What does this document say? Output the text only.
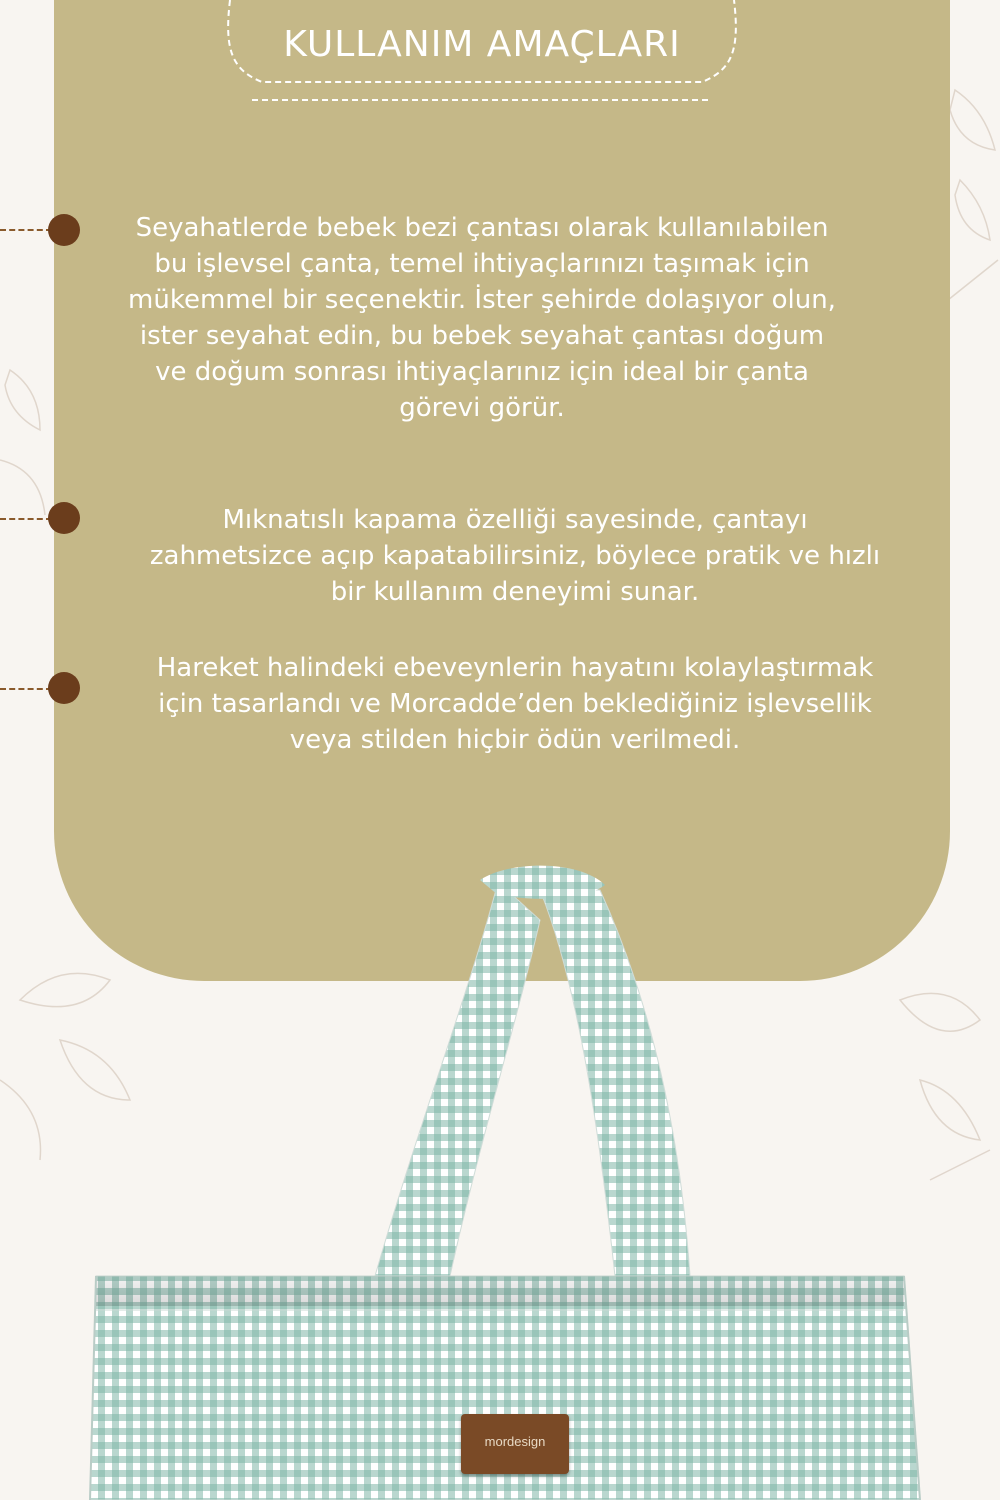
KULLANIM AMAÇLARI

Seyahatlerde bebek bezi çantası olarak kullanılabilen
bu işlevsel çanta, temel ihtiyaçlarınızı taşımak için
mükemmel bir seçenektir. İster şehirde dolaşıyor olun,
ister seyahat edin, bu bebek seyahat çantası doğum
ve doğum sonrası ihtiyaçlarınız için ideal bir çanta
görevi görür.

Mıknatıslı kapama özelliği sayesinde, çantayı
zahmetsizce açıp kapatabilirsiniz, böylece pratik ve hızlı
bir kullanım deneyimi sunar.

Hareket halindeki ebeveynlerin hayatını kolaylaştırmak
için tasarlandı ve Morcadde’den beklediğiniz işlevsellik
veya stilden hiçbir ödün verilmedi.

mordesign
